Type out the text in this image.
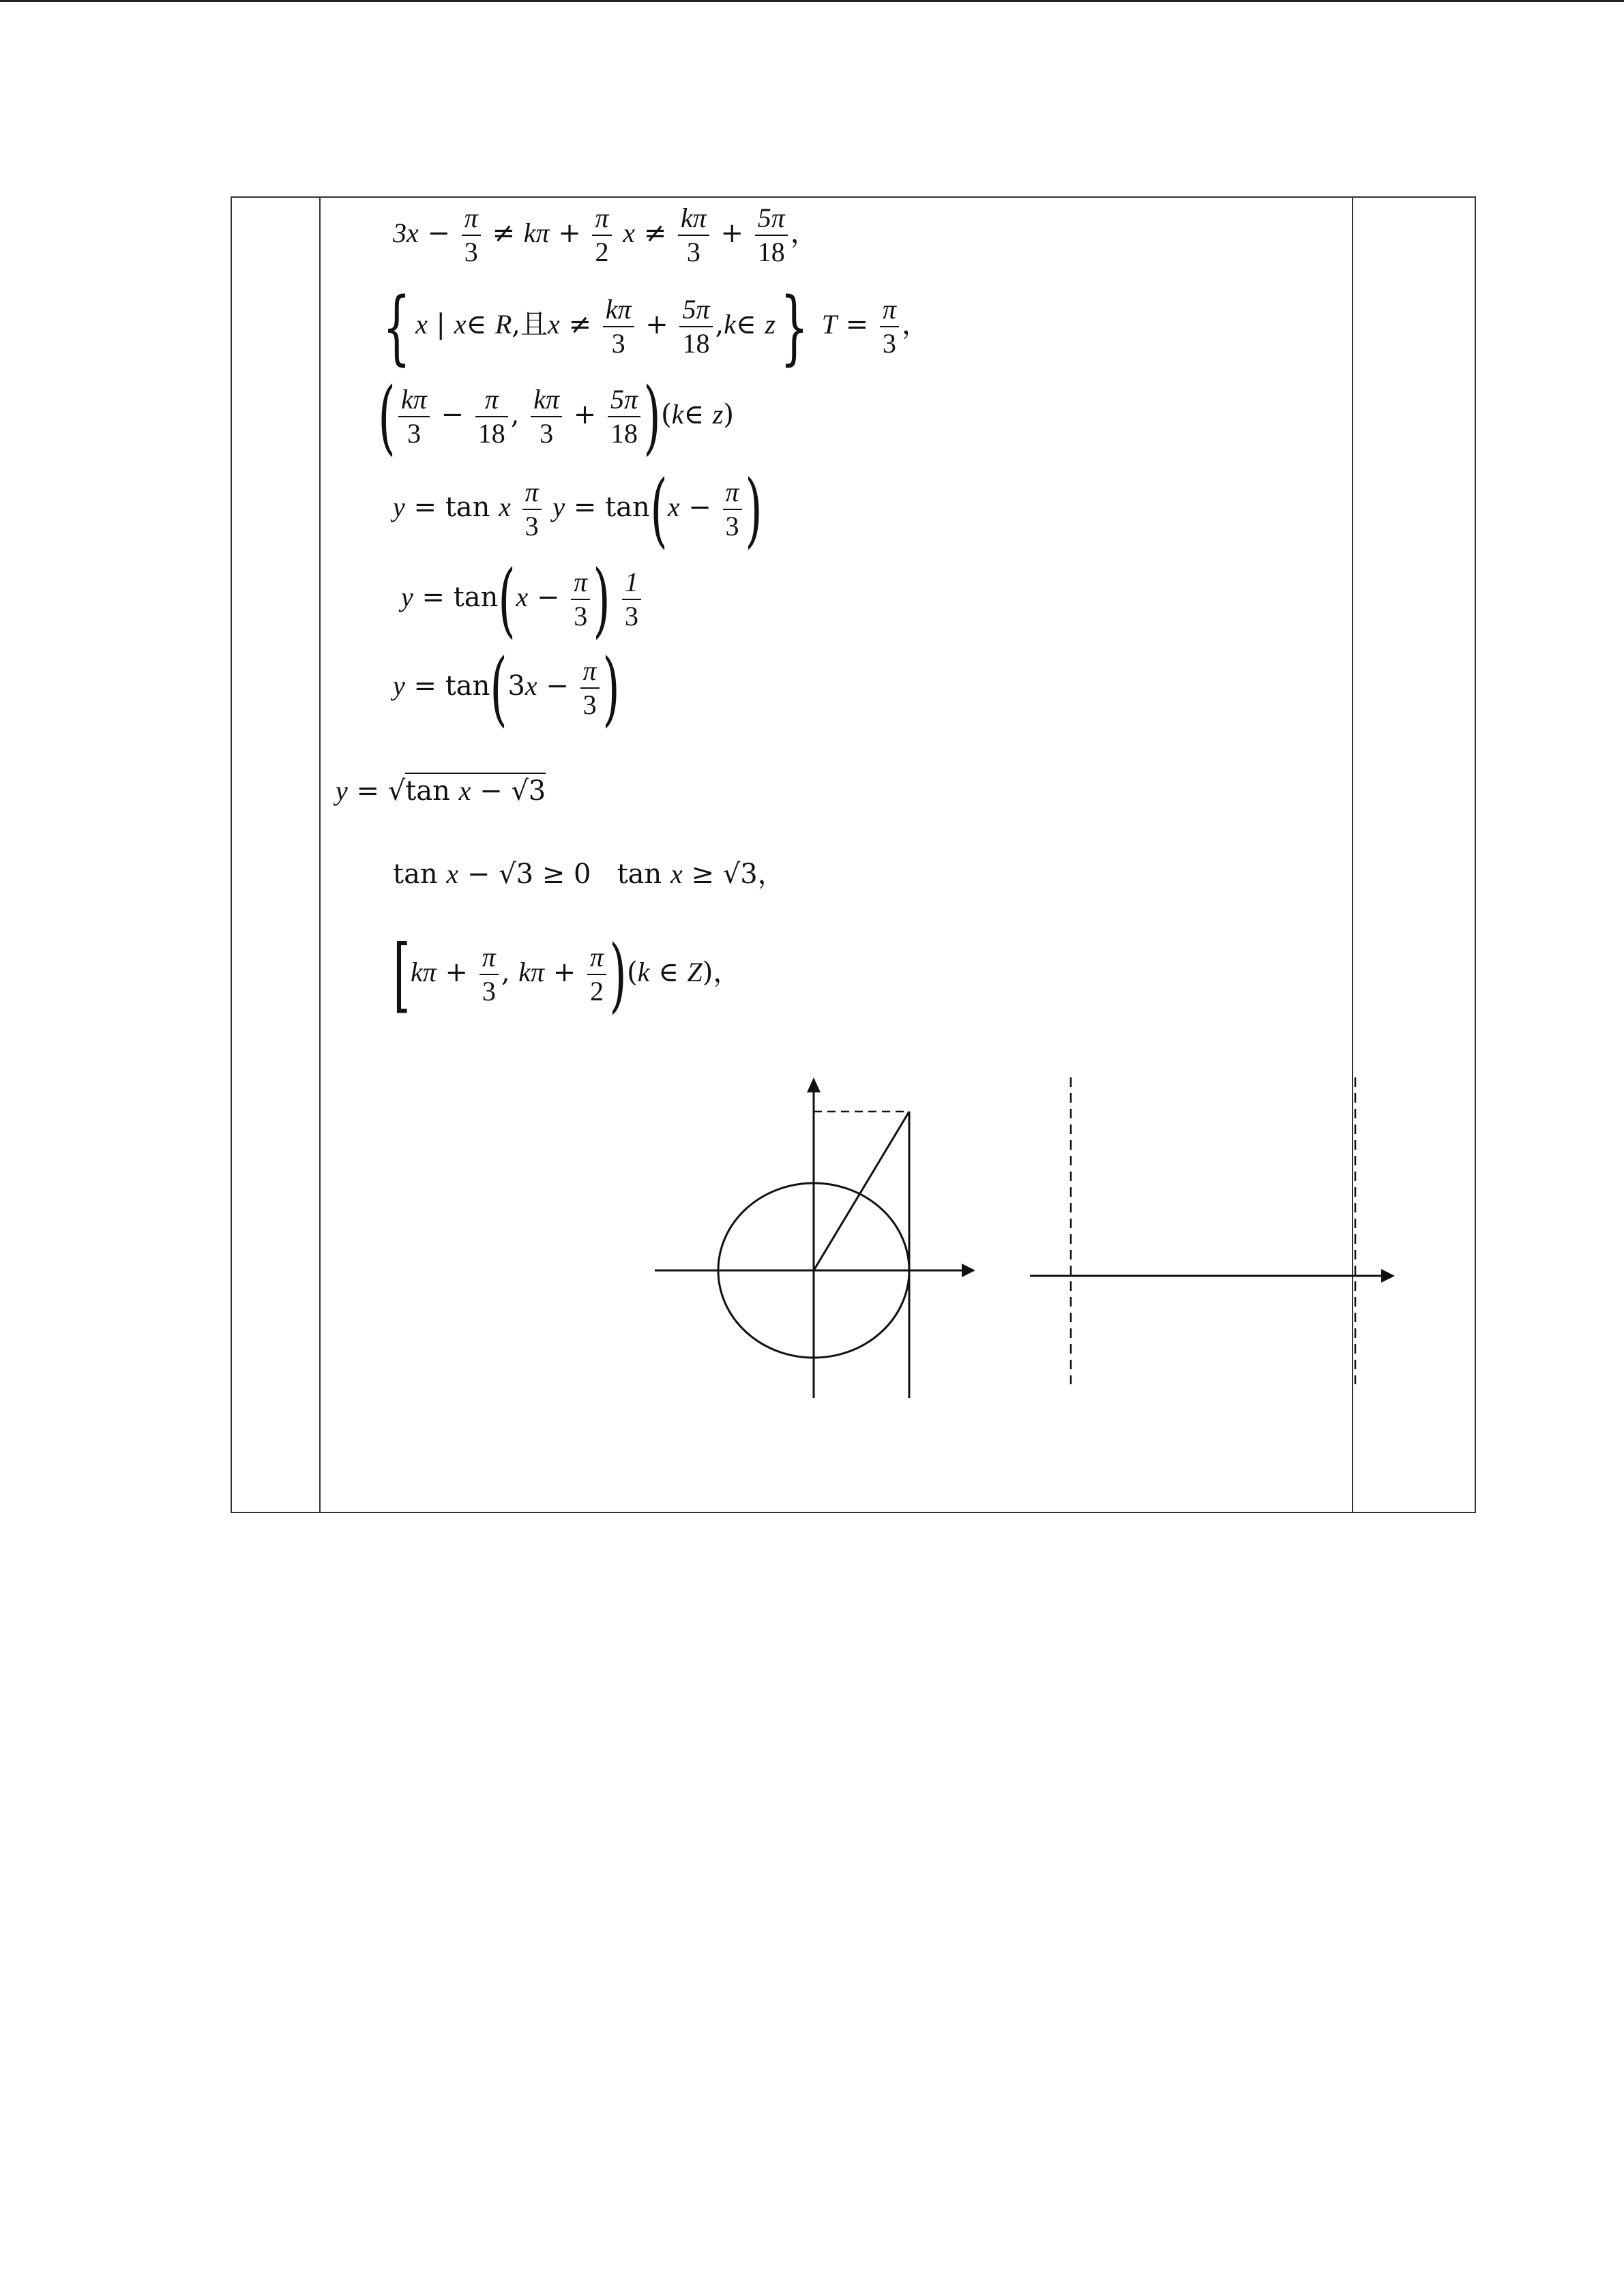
$3x - \frac{\pi}{3} \ne k\pi + \frac{\pi}{2}$ $x \ne \frac{k\pi}{3} + \frac{5\pi}{18}$ ，
{ x | x∈ R,且$x \ne \frac{k\pi}{3} + \frac{5\pi}{18}$ ,k∈ z} $T = \frac{\pi}{3}$ ，
( $\frac{k\pi}{3} - \frac{\pi}{18}$ , $\frac{k\pi}{3} + \frac{5\pi}{18}$ )(k∈ z)
y = tan x $\frac{\pi}{3}$ $y = \tan(x - \frac{\pi}{3}$ )
$y = \tan(x - \frac{\pi}{3}$ ) $\frac{1}{3}$
$y = \tan(3x - \frac{\pi}{3}$ )
y = √tan x − √3
tan x − √3 ≥ 0   tan x ≥ √3，
[$k\pi + \frac{\pi}{3}$ , $k\pi + \frac{\pi}{2} )(k$ ∈ Z)，
